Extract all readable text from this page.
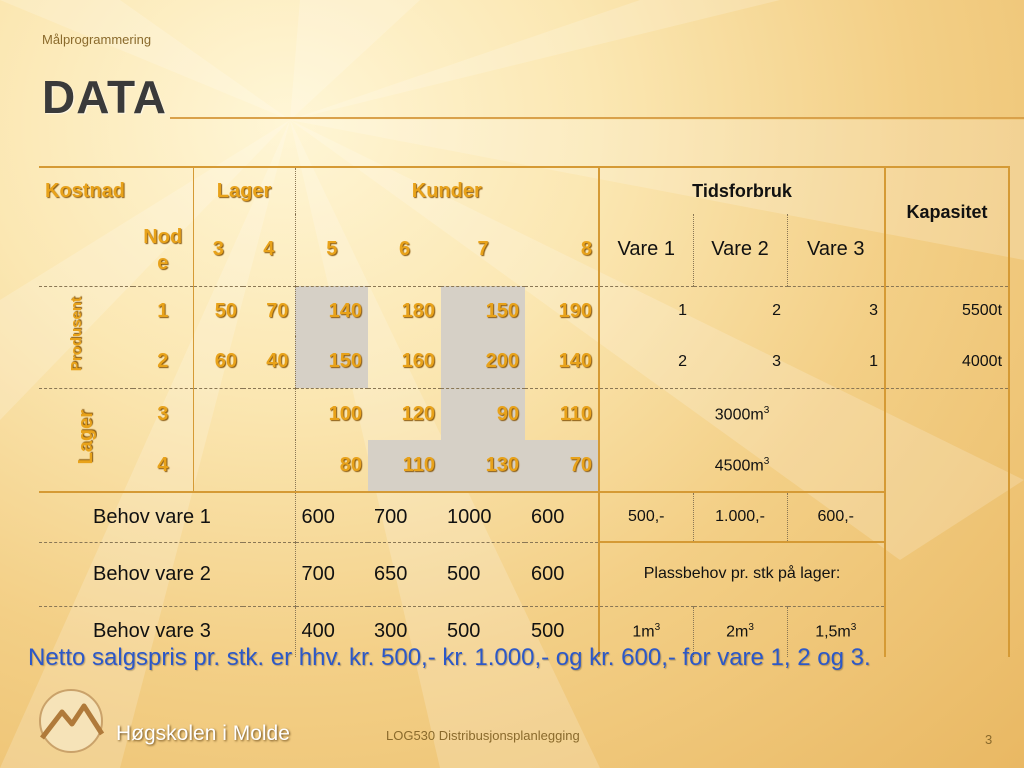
Målprogrammering
DATA
Kostnad		Lager		Kunder				Tidsforbruk			Kapasitet
	Node	3	4	5	6	7	8	Vare 1	Vare 2	Vare 3	
Produsent	1	50	70	140	180	150	190	1	2	3	5500t
	2	60	40	150	160	200	140	2	3	1	4000t
Lager	3			100	120	90	110	$3000m^3$	
	4			80	110	130	70	$4500m^3$	
Behov vare 1				600	700	1000	600	500,-	1.000,-	600,-	
Behov vare 2				700	650	500	600	Plassbehov pr. stk på lager:			
Behov vare 3				400	300	500	500	$1m^3$	$2m^3$	$1,5m^3$	
Netto salgspris pr. stk. er hhv. kr. 500,- kr. 1.000,- og kr. 600,- for vare 1, 2 og 3.
Høgskolen i Molde	LOG530 Distribusjonsplanlegging	3
